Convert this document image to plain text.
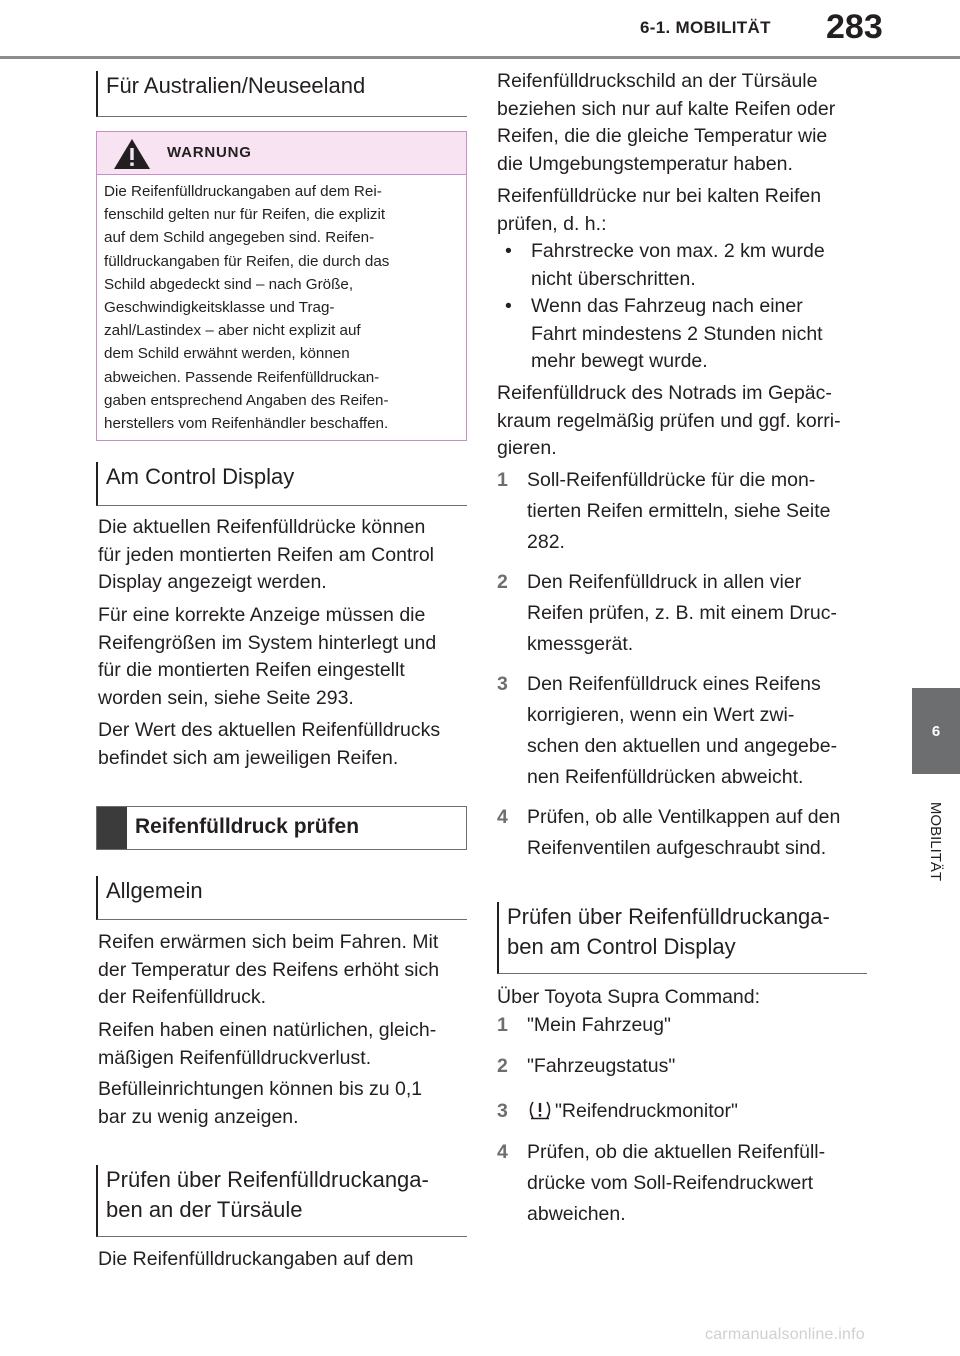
6-1. MOBILITÄT 283
6
MOBILITÄT
Für Australien/Neuseeland
WARNUNG
Die Reifenfülldruckangaben auf dem Rei-
fenschild gelten nur für Reifen, die explizit
auf dem Schild angegeben sind. Reifen-
fülldruckangaben für Reifen, die durch das
Schild abgedeckt sind – nach Größe,
Geschwindigkeitsklasse und Trag-
zahl/Lastindex – aber nicht explizit auf
dem Schild erwähnt werden, können
abweichen. Passende Reifenfülldruckan-
gaben entsprechend Angaben des Reifen-
herstellers vom Reifenhändler beschaffen.
Am Control Display
Die aktuellen Reifenfülldrücke können
für jeden montierten Reifen am Control
Display angezeigt werden.
Für eine korrekte Anzeige müssen die
Reifengrößen im System hinterlegt und
für die montierten Reifen eingestellt
worden sein, siehe Seite 293.
Der Wert des aktuellen Reifenfülldrucks
befindet sich am jeweiligen Reifen.
Reifenfülldruck prüfen
Allgemein
Reifen erwärmen sich beim Fahren. Mit
der Temperatur des Reifens erhöht sich
der Reifenfülldruck.
Reifen haben einen natürlichen, gleich-
mäßigen Reifenfülldruckverlust.
Befülleinrichtungen können bis zu 0,1
bar zu wenig anzeigen.
Prüfen über Reifenfülldruckanga-
ben an der Türsäule
Die Reifenfülldruckangaben auf dem
Reifenfülldruckschild an der Türsäule
beziehen sich nur auf kalte Reifen oder
Reifen, die die gleiche Temperatur wie
die Umgebungstemperatur haben.
Reifenfülldrücke nur bei kalten Reifen
prüfen, d. h.:
• Fahrstrecke von max. 2 km wurde
nicht überschritten.
• Wenn das Fahrzeug nach einer
Fahrt mindestens 2 Stunden nicht
mehr bewegt wurde.
Reifenfülldruck des Notrads im Gepäc-
kraum regelmäßig prüfen und ggf. korri-
gieren.
1 Soll-Reifenfülldrücke für die mon-
tierten Reifen ermitteln, siehe Seite
282.
2 Den Reifenfülldruck in allen vier
Reifen prüfen, z. B. mit einem Druc-
kmessgerät.
3 Den Reifenfülldruck eines Reifens
korrigieren, wenn ein Wert zwi-
schen den aktuellen und angegebe-
nen Reifenfülldrücken abweicht.
4 Prüfen, ob alle Ventilkappen auf den
Reifenventilen aufgeschraubt sind.
Prüfen über Reifenfülldruckanga-
ben am Control Display
Über Toyota Supra Command:
1 "Mein Fahrzeug"
2 "Fahrzeugstatus"
3	"Reifendruckmonitor"
4 Prüfen, ob die aktuellen Reifenfüll-
drücke vom Soll-Reifendruckwert
abweichen.
carmanualsonline.info
